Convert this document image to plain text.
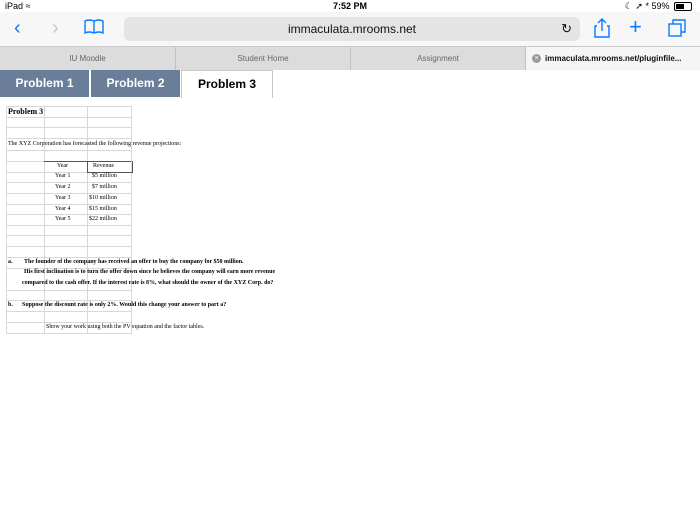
iPad ≈	7:52 PM	☾ ➚ * 59%
‹ ›	immaculata.mrooms.net	↻	+
IU Moodle	Student Home	Assignment	× immaculata.mrooms.net/pluginfile...
Problem 1	Problem 2	Problem 3
Problem 3
The XYZ Corporation has forecasted the following revenue projections:
Year	Revenue
Year 1	$5 million
Year 2	$7 million
Year 3	$10 million
Year 4	$15 million
Year 5	$22 million
a. The founder of the company has received an offer to buy the company for $50 million.
His first inclination is to turn the offer down since he believes the company will earn more revenue
compared to the cash offer. If the interest rate is 8%, what should the owner of the XYZ Corp. do?
b. Suppose the discount rate is only 2%. Would this change your answer to part a?
Show your work using both the PV equation and the factor tables.
